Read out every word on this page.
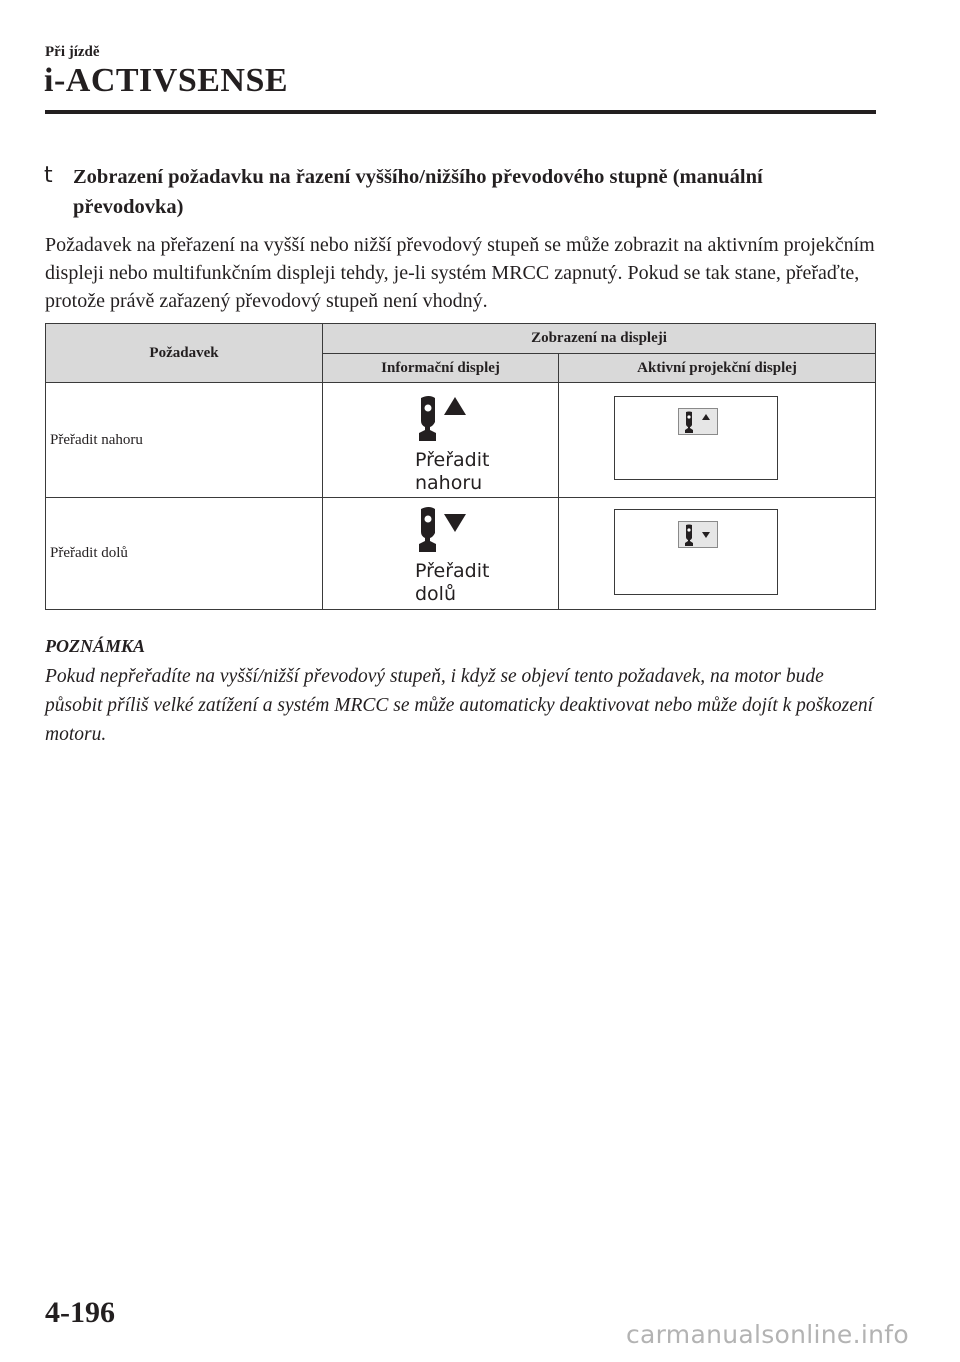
Při jízdě
i-ACTIVSENSE
t Zobrazení požadavku na řazení vyššího/nižšího převodového stupně (manuální převodovka)
Požadavek na přeřazení na vyšší nebo nižší převodový stupeň se může zobrazit na aktivním projekčním displeji nebo multifunkčním displeji tehdy, je-li systém MRCC zapnutý. Pokud se tak stane, přeřaďte, protože právě zařazený převodový stupeň není vhodný.
Požadavek	Zobrazení na displeji	
	Informační displej	Aktivní projekční displej
Přeřadit nahoru	Přeřadit
nahoru

Přeřadit dolů	Přeřadit
dolů

POZNÁMKA
Pokud nepřeřadíte na vyšší/nižší převodový stupeň, i když se objeví tento požadavek, na motor bude působit příliš velké zatížení a systém MRCC se může automaticky deaktivovat nebo může dojít k poškození motoru.
4-196
carmanualsonline.info
